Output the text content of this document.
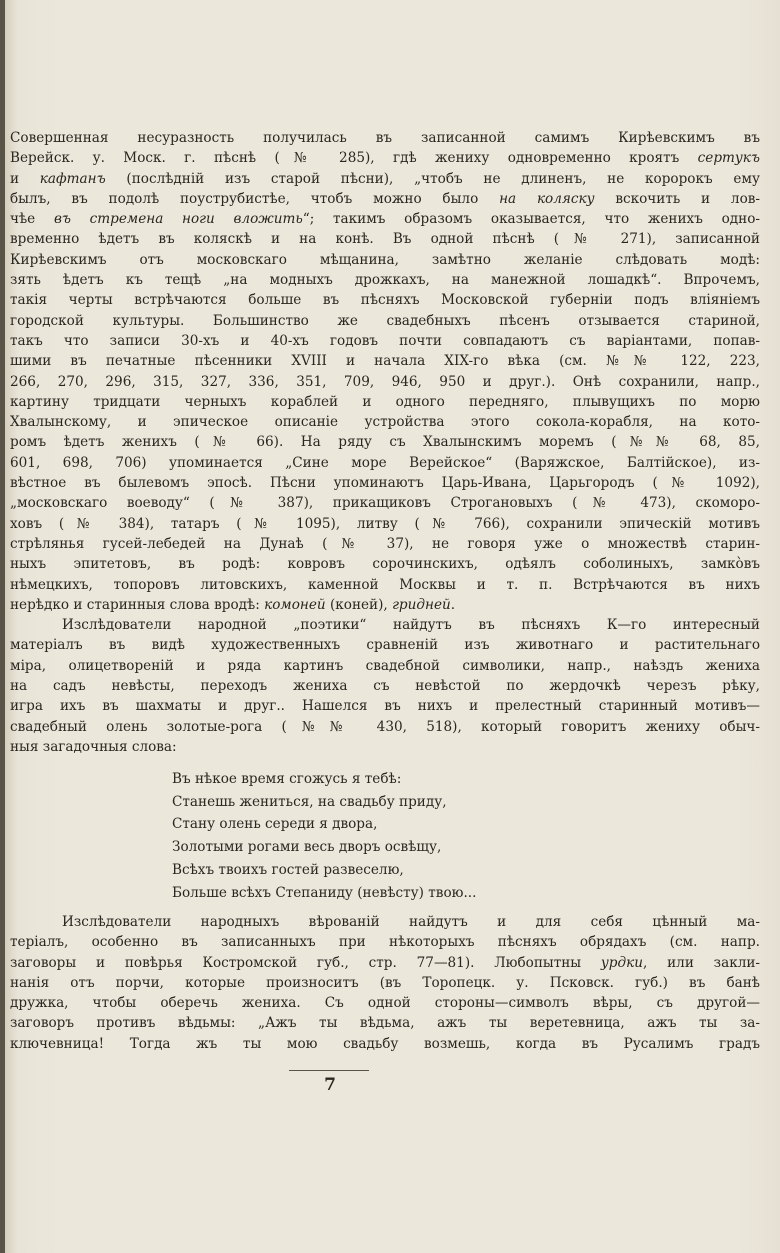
Совершенная несуразность получилась въ записанной самимъ Кирѣевскимъ въ
Верейск. у. Моск. г. пѣснѣ (№ 285), гдѣ жениху одновременно кроятъ сертукъ
и кафтанъ (послѣдній изъ старой пѣсни), „чтобъ не длиненъ, не коророкъ ему
былъ, въ подолѣ поуструбистѣе, чтобъ можно было на коляску вскочить и лов-
чѣе въ стремена ноги вложить“; такимъ образомъ оказывается, что женихъ одно-
временно ѣдетъ въ коляскѣ и на конѣ. Въ одной пѣснѣ (№ 271), записанной
Кирѣевскимъ отъ московскаго мѣщанина, замѣтно желаніе слѣдовать модѣ:
зять ѣдетъ къ тещѣ „на модныхъ дрожкахъ, на манежной лошадкѣ“. Впрочемъ,
такія черты встрѣчаются больше въ пѣсняхъ Московской губерніи подъ вліяніемъ
городской культуры. Большинство же свадебныхъ пѣсенъ отзывается стариной,
такъ что записи 30-хъ и 40-хъ годовъ почти совпадаютъ съ варіантами, попав-
шими въ печатные пѣсенники XVIII и начала XIX-го вѣка (см. №№ 122, 223,
266, 270, 296, 315, 327, 336, 351, 709, 946, 950 и друг.). Онѣ сохранили, напр.,
картину тридцати черныхъ кораблей и одного передняго, плывущихъ по морю
Хвалынскому, и эпическое описаніе устройства этого сокола-корабля, на кото-
ромъ ѣдетъ женихъ (№ 66). На ряду съ Хвалынскимъ моремъ (№№ 68, 85,
601, 698, 706) упоминается „Сине море Верейское“ (Варяжское, Балтійское), из-
вѣстное въ былевомъ эпосѣ. Пѣсни упоминаютъ Царь-Ивана, Царьгородъ (№ 1092),
„московскаго воеводу“ (№ 387), прикащиковъ Строгановыхъ (№ 473), скоморо-
ховъ (№ 384), татаръ (№ 1095), литву (№ 766), сохранили эпическій мотивъ
стрѣлянья гусей-лебедей на Дунаѣ (№ 37), не говоря уже о множествѣ старин-
ныхъ эпитетовъ, въ родѣ: ковровъ сорочинскихъ, одѣялъ соболиныхъ, замкòвъ
нѣмецкихъ, топоровъ литовскихъ, каменной Москвы и т. п. Встрѣчаются въ нихъ
нерѣдко и старинныя слова вродѣ: комоней (коней), гридней.
Изслѣдователи народной „поэтики“ найдутъ въ пѣсняхъ К—го интересный
матеріалъ въ видѣ художественныхъ сравненій изъ животнаго и растительнаго
міра, олицетвореній и ряда картинъ свадебной символики, напр., наѣздъ жениха
на садъ невѣсты, переходъ жениха съ невѣстой по жердочкѣ черезъ рѣку,
игра ихъ въ шахматы и друг.. Нашелся въ нихъ и прелестный старинный мотивъ—
свадебный олень золотые-рога (№№ 430, 518), который говоритъ жениху обыч-
ныя загадочныя слова:
Въ нѣкое время сгожусь я тебѣ:
Станешь жениться, на свадьбу приду,
Стану олень середи я двора,
Золотыми рогами весь дворъ освѣщу,
Всѣхъ твоихъ гостей развеселю,
Больше всѣхъ Степаниду (невѣсту) твою...
Изслѣдователи народныхъ вѣрованій найдутъ и для себя цѣнный ма-
теріалъ, особенно въ записанныхъ при нѣкоторыхъ пѣсняхъ обрядахъ (см. напр.
заговоры и повѣрья Костромской губ., стр. 77—81). Любопытны урдки, или закли-
нанія отъ порчи, которые произноситъ (въ Торопецк. у. Псковск. губ.) въ банѣ
дружка, чтобы оберечь жениха. Съ одной стороны—символъ вѣры, съ другой—
заговоръ противъ вѣдьмы: „Ажъ ты вѣдьма, ажъ ты веретевница, ажъ ты за-
ключевница! Тогда жъ ты мою свадьбу возмешь, когда въ Русалимъ градъ
7
